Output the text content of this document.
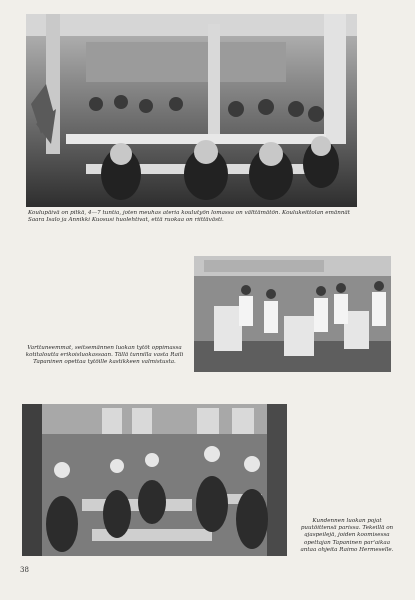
Koulupäivä on pitkä, 4—7 tuntia, joten meuhas ateria koulutyön lomassa on välttämätön. Koulukeittolan emännät Saara Isalo ja Annikki Kuosusi huolehtivat, että ruokaa on riittävästi.
Varttuneemmat, seitsemännen luokan tytöt oppimassa kotitaloutta erikoisluokassaan. Tällä tunnilla vasta Raili Tapaninen opettaa tytöille kastikkeen valmistusta.
Kundennen luokan pojat puutöittensä parissa. Tekeillä on ajaspeilejä, joiden koomisessa opettajan Tapaninen par'aikaa antaa ohjeita Raimo Hermeselle.
38
